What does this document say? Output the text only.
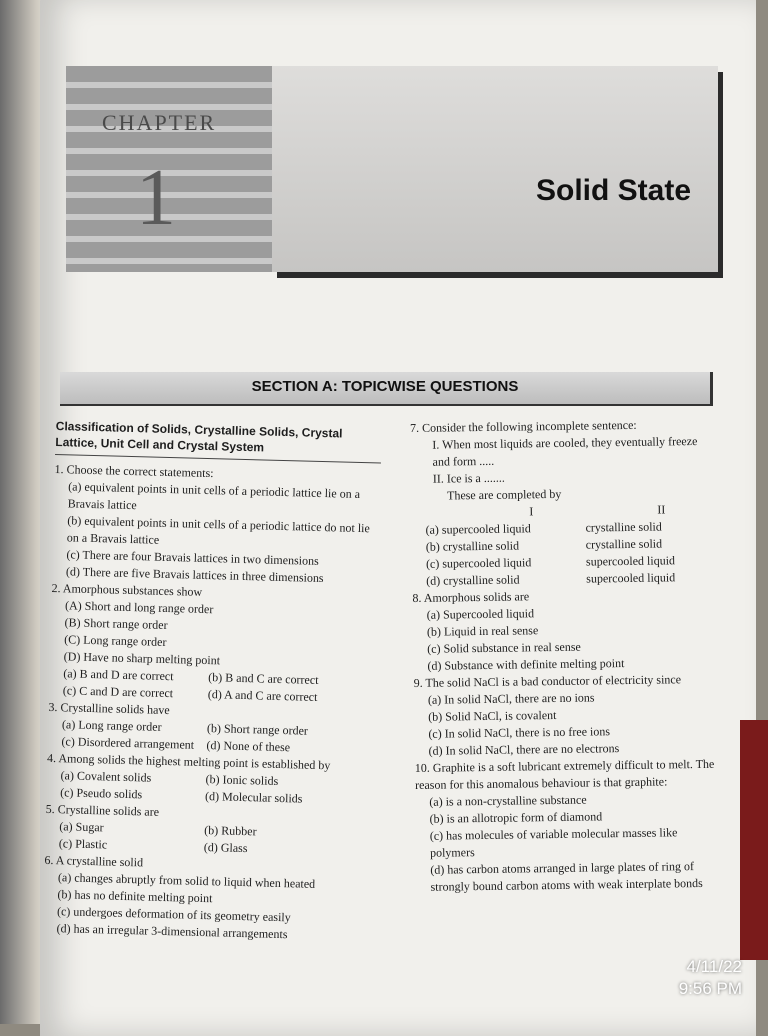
CHAPTER
1	Solid State
SECTION A: TOPICWISE QUESTIONS
Classification of Solids, Crystalline Solids, Crystal Lattice, Unit Cell and Crystal System
1. Choose the correct statements:
(a) equivalent points in unit cells of a periodic lattice lie on a Bravais lattice
(b) equivalent points in unit cells of a periodic lattice do not lie on a Bravais lattice
(c) There are four Bravais lattices in two dimensions
(d) There are five Bravais lattices in three dimensions
2. Amorphous substances show
(A) Short and long range order
(B) Short range order
(C) Long range order
(D) Have no sharp melting point
(a) B and D are correct	(b) B and C are correct
(c) C and D are correct	(d) A and C are correct
3. Crystalline solids have
(a) Long range order	(b) Short range order
(c) Disordered arrangement	(d) None of these
4. Among solids the highest melting point is established by
(a) Covalent solids	(b) Ionic solids
(c) Pseudo solids	(d) Molecular solids
5. Crystalline solids are
(a) Sugar	(b) Rubber
(c) Plastic	(d) Glass
6. A crystalline solid
(a) changes abruptly from solid to liquid when heated
(b) has no definite melting point
(c) undergoes deformation of its geometry easily
(d) has an irregular 3-dimensional arrangements
7. Consider the following incomplete sentence:
I. When most liquids are cooled, they eventually freeze and form .....
II. Ice is a .......
These are completed by
I	II
(a) supercooled liquid	crystalline solid
(b) crystalline solid	crystalline solid
(c) supercooled liquid	supercooled liquid
(d) crystalline solid	supercooled liquid
8. Amorphous solids are
(a) Supercooled liquid
(b) Liquid in real sense
(c) Solid substance in real sense
(d) Substance with definite melting point
9. The solid NaCl is a bad conductor of electricity since
(a) In solid NaCl, there are no ions
(b) Solid NaCl, is covalent
(c) In solid NaCl, there is no free ions
(d) In solid NaCl, there are no electrons
10. Graphite is a soft lubricant extremely difficult to melt. The reason for this anomalous behaviour is that graphite:
(a) is a non-crystalline substance
(b) is an allotropic form of diamond
(c) has molecules of variable molecular masses like polymers
(d) has carbon atoms arranged in large plates of ring of strongly bound carbon atoms with weak interplate bonds
4/11/22
9:56 PM
